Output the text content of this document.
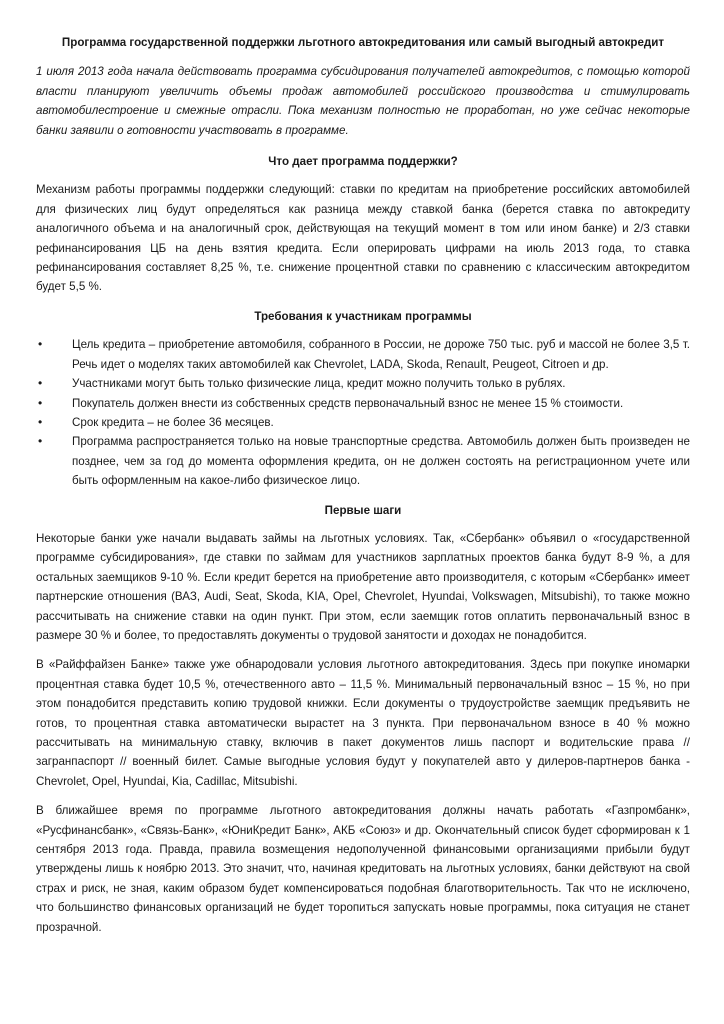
Программа государственной поддержки льготного автокредитования или самый выгодный автокредит

1 июля 2013 года начала действовать программа субсидирования получателей автокредитов, с помощью которой власти планируют увеличить объемы продаж автомобилей российского производства и стимулировать автомобилестроение и смежные отрасли. Пока механизм полностью не проработан, но уже сейчас некоторые банки заявили о готовности участвовать в программе.

Что дает программа поддержки?

Механизм работы программы поддержки следующий: ставки по кредитам на приобретение российских автомобилей для физических лиц будут определяться как разница между ставкой банка (берется ставка по автокредиту аналогичного объема и на аналогичный срок, действующая на текущий момент в том или ином банке) и 2/3 ставки рефинансирования ЦБ на день взятия кредита. Если оперировать цифрами на июль 2013 года, то ставка рефинансирования составляет 8,25 %, т.е. снижение процентной ставки по сравнению с классическим автокредитом будет 5,5 %.

Требования к участникам программы
• Цель кредита – приобретение автомобиля, собранного в России, не дороже 750 тыс. руб и массой не более 3,5 т. Речь идет о моделях таких автомобилей как Chevrolet, LADA, Skoda, Renault, Peugeot, Citroen и др.
• Участниками могут быть только физические лица, кредит можно получить только в рублях.
• Покупатель должен внести из собственных средств первоначальный взнос не менее 15 % стоимости.
• Срок кредита – не более 36 месяцев.
• Программа распространяется только на новые транспортные средства. Автомобиль должен быть произведен не позднее, чем за год до момента оформления кредита, он не должен состоять на регистрационном учете или быть оформленным на какое-либо физическое лицо.
Первые шаги

Некоторые банки уже начали выдавать займы на льготных условиях. Так, «Сбербанк» объявил о «государственной программе субсидирования», где ставки по займам для участников зарплатных проектов банка будут 8-9 %, а для остальных заемщиков 9-10 %. Если кредит берется на приобретение авто производителя, с которым «Сбербанк» имеет партнерские отношения (ВАЗ, Audi, Seat, Skoda, KIA, Opel, Chevrolet, Hyundai, Volkswagen, Mitsubishi), то также можно рассчитывать на снижение ставки на один пункт. При этом, если заемщик готов оплатить первоначальный взнос в размере 30 % и более, то предоставлять документы о трудовой занятости и доходах не понадобится.

В «Райффайзен Банке» также уже обнародовали условия льготного автокредитования. Здесь при покупке иномарки процентная ставка будет 10,5 %, отечественного авто – 11,5 %. Минимальный первоначальный взнос – 15 %, но при этом понадобится представить копию трудовой книжки. Если документы о трудоустройстве заемщик предъявить не готов, то процентная ставка автоматически вырастет на 3 пункта. При первоначальном взносе в 40 % можно рассчитывать на минимальную ставку, включив в пакет документов лишь паспорт и водительские права // загранпаспорт // военный билет. Самые выгодные условия будут у покупателей авто у дилеров-партнеров банка - Chevrolet, Opel, Hyundai, Kia, Cadillac, Mitsubishi.

В ближайшее время по программе льготного автокредитования должны начать работать «Газпромбанк», «Русфинансбанк», «Связь-Банк», «ЮниКредит Банк», АКБ «Союз» и др. Окончательный список будет сформирован к 1 сентября 2013 года. Правда, правила возмещения недополученной финансовыми организациями прибыли будут утверждены лишь к ноябрю 2013. Это значит, что, начиная кредитовать на льготных условиях, банки действуют на свой страх и риск, не зная, каким образом будет компенсироваться подобная благотворительность. Так что не исключено, что большинство финансовых организаций не будет торопиться запускать новые программы, пока ситуация не станет прозрачной.
